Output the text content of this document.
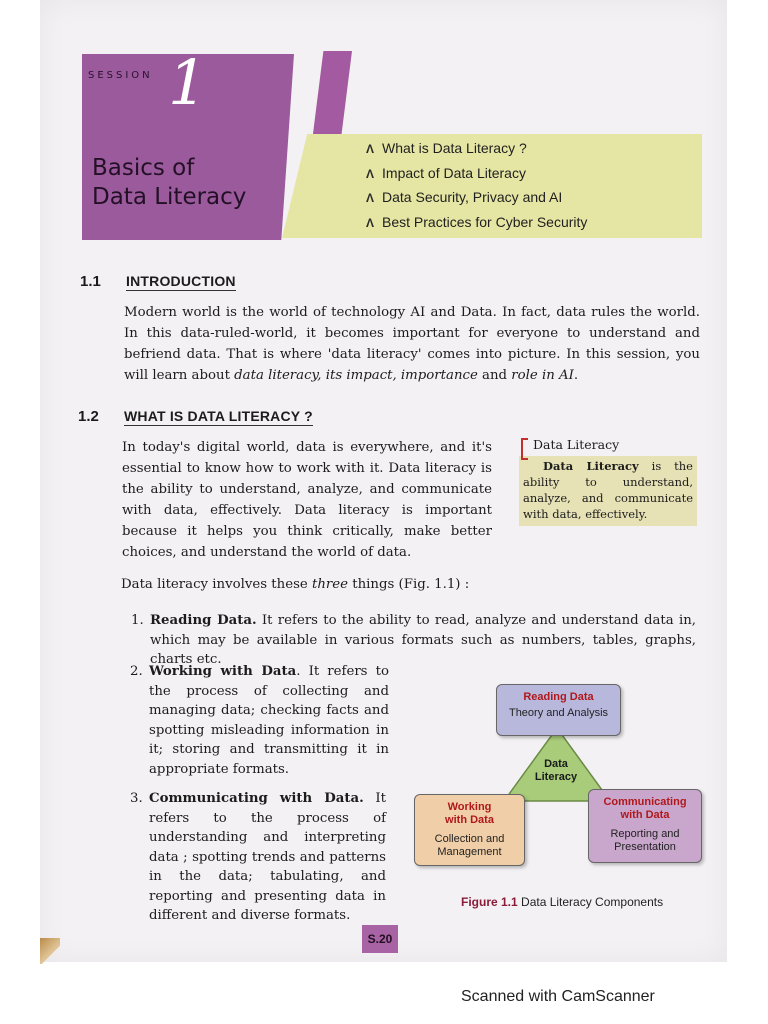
SESSION 1
Basics of
Data Literacy
Λ What is Data Literacy ?
Λ Impact of Data Literacy
Λ Data Security, Privacy and AI
Λ Best Practices for Cyber Security
1.1 INTRODUCTION

Modern world is the world of technology AI and Data. In fact, data rules the world. In this data-ruled-world, it becomes important for everyone to understand and befriend data. That is where 'data literacy' comes into picture. In this session, you will learn about data literacy, its impact, importance and role in AI.

1.2 WHAT IS DATA LITERACY ?

In today's digital world, data is everywhere, and it's essential to know how to work with it. Data literacy is the ability to understand, analyze, and communicate with data, effectively. Data literacy is important because it helps you think critically, make better choices, and understand the world of data.

Data Literacy

Data Literacy is the ability to understand, analyze, and communicate with data, effectively.

Data literacy involves these three things (Fig. 1.1) :

1. Reading Data. It refers to the ability to read, analyze and understand data in, which may be available in various formats such as numbers, tables, graphs, charts etc.

2. Working with Data. It refers to the process of collecting and managing data; checking facts and spotting misleading information in it; storing and transmitting it in appropriate formats.

3. Communicating with Data. It refers to the process of understanding and interpreting data ; spotting trends and patterns in the data; tabulating, and reporting and presenting data in different and diverse formats.

Data
Literacy
Reading Data
Theory and Analysis
Working
with Data
Collection and
Management
Communicating
with Data
Reporting and
Presentation
Figure 1.1 Data Literacy Components
S.20
Scanned with CamScanner
